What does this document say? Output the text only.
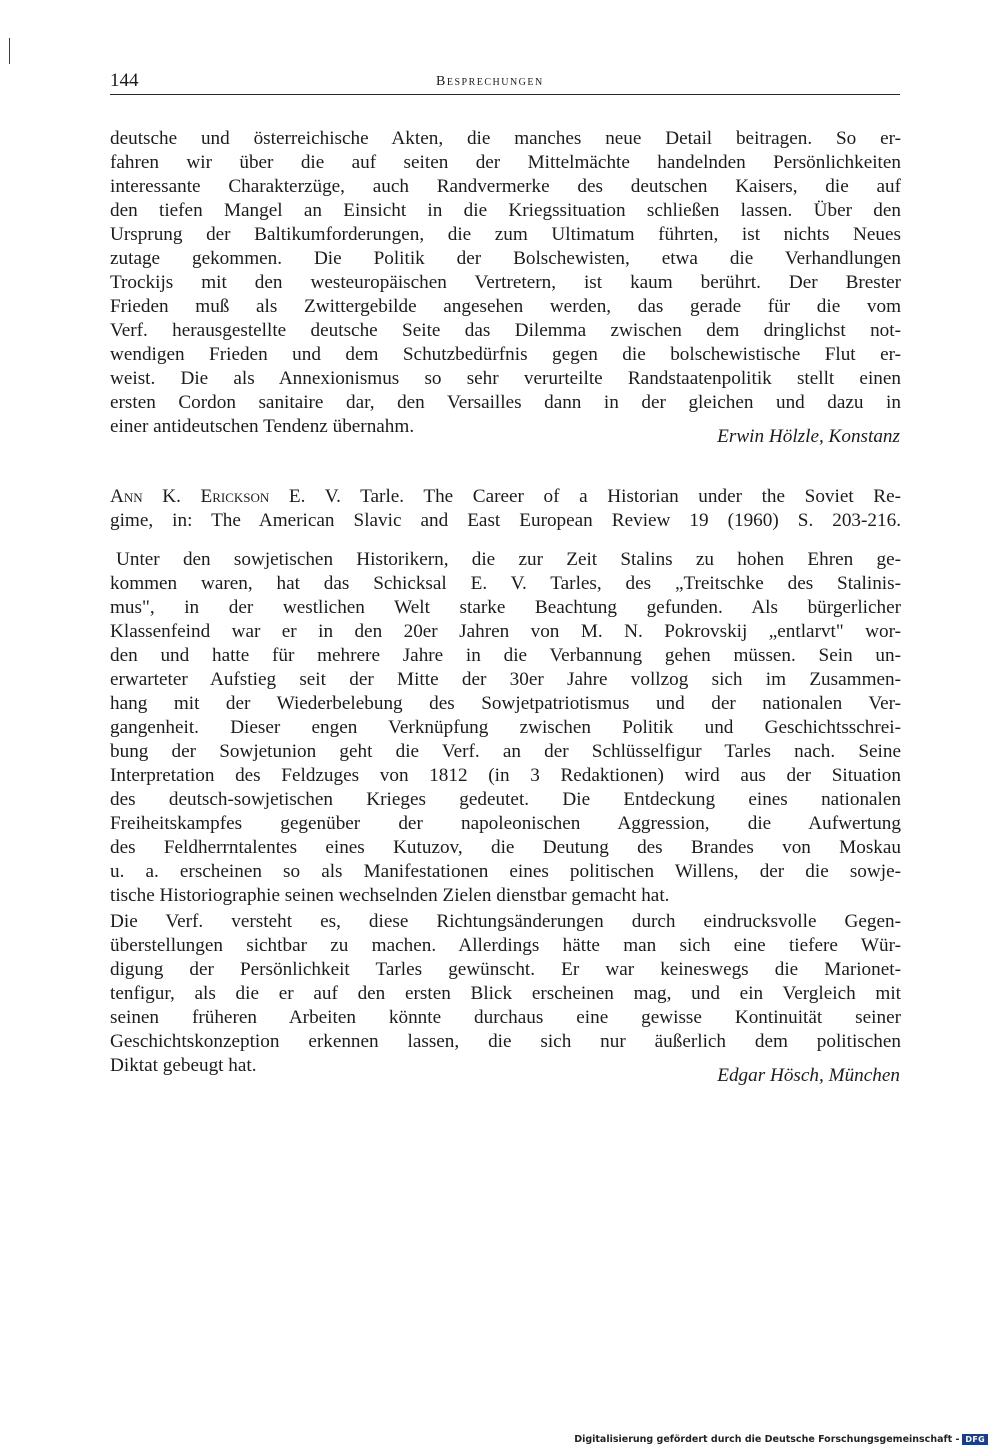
144	Besprechungen
deutsche und österreichische Akten, die manches neue Detail beitragen. So er-
fahren wir über die auf seiten der Mittelmächte handelnden Persönlichkeiten
interessante Charakterzüge, auch Randvermerke des deutschen Kaisers, die auf
den tiefen Mangel an Einsicht in die Kriegssituation schließen lassen. Über den
Ursprung der Baltikumforderungen, die zum Ultimatum führten, ist nichts Neues
zutage gekommen. Die Politik der Bolschewisten, etwa die Verhandlungen
Trockijs mit den westeuropäischen Vertretern, ist kaum berührt. Der Brester
Frieden muß als Zwittergebilde angesehen werden, das gerade für die vom
Verf. herausgestellte deutsche Seite das Dilemma zwischen dem dringlichst not-
wendigen Frieden und dem Schutzbedürfnis gegen die bolschewistische Flut er-
weist. Die als Annexionismus so sehr verurteilte Randstaatenpolitik stellt einen
ersten Cordon sanitaire dar, den Versailles dann in der gleichen und dazu in
einer antideutschen Tendenz übernahm.	Erwin Hölzle, Konstanz
Ann K. Erickson E. V. Tarle. The Career of a Historian under the Soviet Re-
gime, in: The American Slavic and East European Review 19 (1960) S. 203-216.
Unter den sowjetischen Historikern, die zur Zeit Stalins zu hohen Ehren ge-
kommen waren, hat das Schicksal E. V. Tarles, des „Treitschke des Stalinis-
mus", in der westlichen Welt starke Beachtung gefunden. Als bürgerlicher
Klassenfeind war er in den 20er Jahren von M. N. Pokrovskij „entlarvt" wor-
den und hatte für mehrere Jahre in die Verbannung gehen müssen. Sein un-
erwarteter Aufstieg seit der Mitte der 30er Jahre vollzog sich im Zusammen-
hang mit der Wiederbelebung des Sowjetpatriotismus und der nationalen Ver-
gangenheit. Dieser engen Verknüpfung zwischen Politik und Geschichtsschrei-
bung der Sowjetunion geht die Verf. an der Schlüsselfigur Tarles nach. Seine
Interpretation des Feldzuges von 1812 (in 3 Redaktionen) wird aus der Situation
des deutsch-sowjetischen Krieges gedeutet. Die Entdeckung eines nationalen
Freiheitskampfes gegenüber der napoleonischen Aggression, die Aufwertung
des Feldherrntalentes eines Kutuzov, die Deutung des Brandes von Moskau
u. a. erscheinen so als Manifestationen eines politischen Willens, der die sowje-
tische Historiographie seinen wechselnden Zielen dienstbar gemacht hat.
Die Verf. versteht es, diese Richtungsänderungen durch eindrucksvolle Gegen-
überstellungen sichtbar zu machen. Allerdings hätte man sich eine tiefere Wür-
digung der Persönlichkeit Tarles gewünscht. Er war keineswegs die Marionet-
tenfigur, als die er auf den ersten Blick erscheinen mag, und ein Vergleich mit
seinen früheren Arbeiten könnte durchaus eine gewisse Kontinuität seiner
Geschichtskonzeption erkennen lassen, die sich nur äußerlich dem politischen
Diktat gebeugt hat.	Edgar Hösch, München
Digitalisierung gefördert durch die Deutsche Forschungsgemeinschaft - DFG
